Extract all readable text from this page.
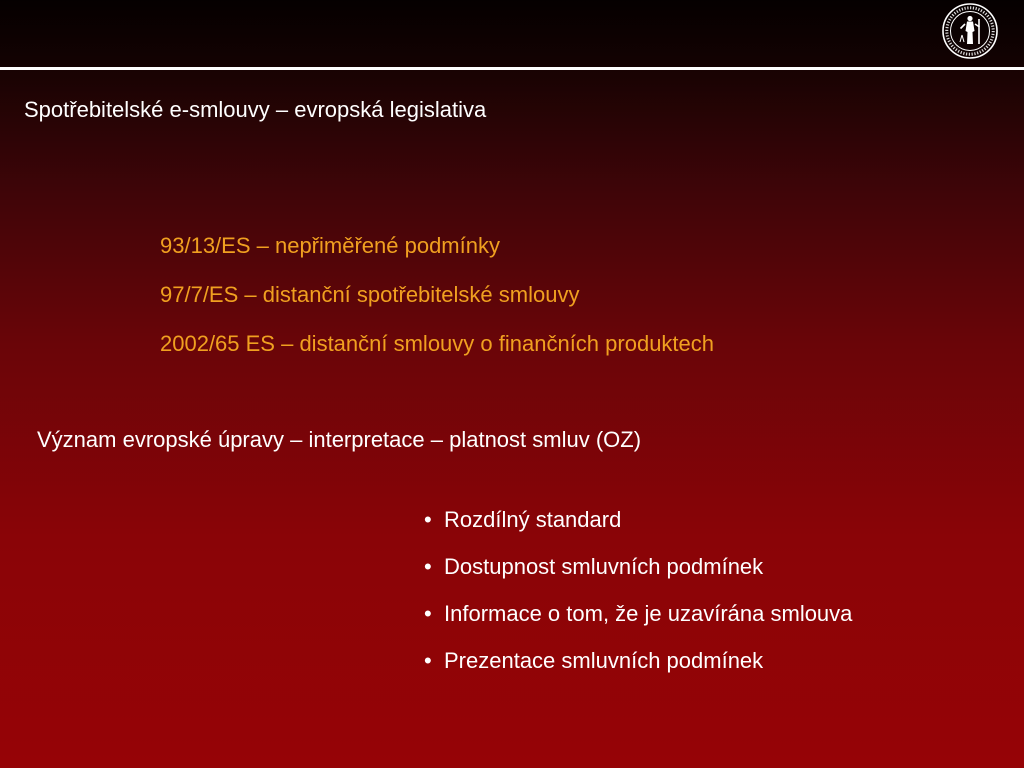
Spotřebitelské e-smlouvy – evropská legislativa
93/13/ES – nepřiměřené podmínky
97/7/ES – distanční spotřebitelské smlouvy
2002/65 ES – distanční smlouvy o finančních produktech
Význam evropské úpravy – interpretace – platnost smluv (OZ)
• Rozdílný standard
• Dostupnost smluvních podmínek
• Informace o tom, že je uzavírána smlouva
• Prezentace smluvních podmínek
